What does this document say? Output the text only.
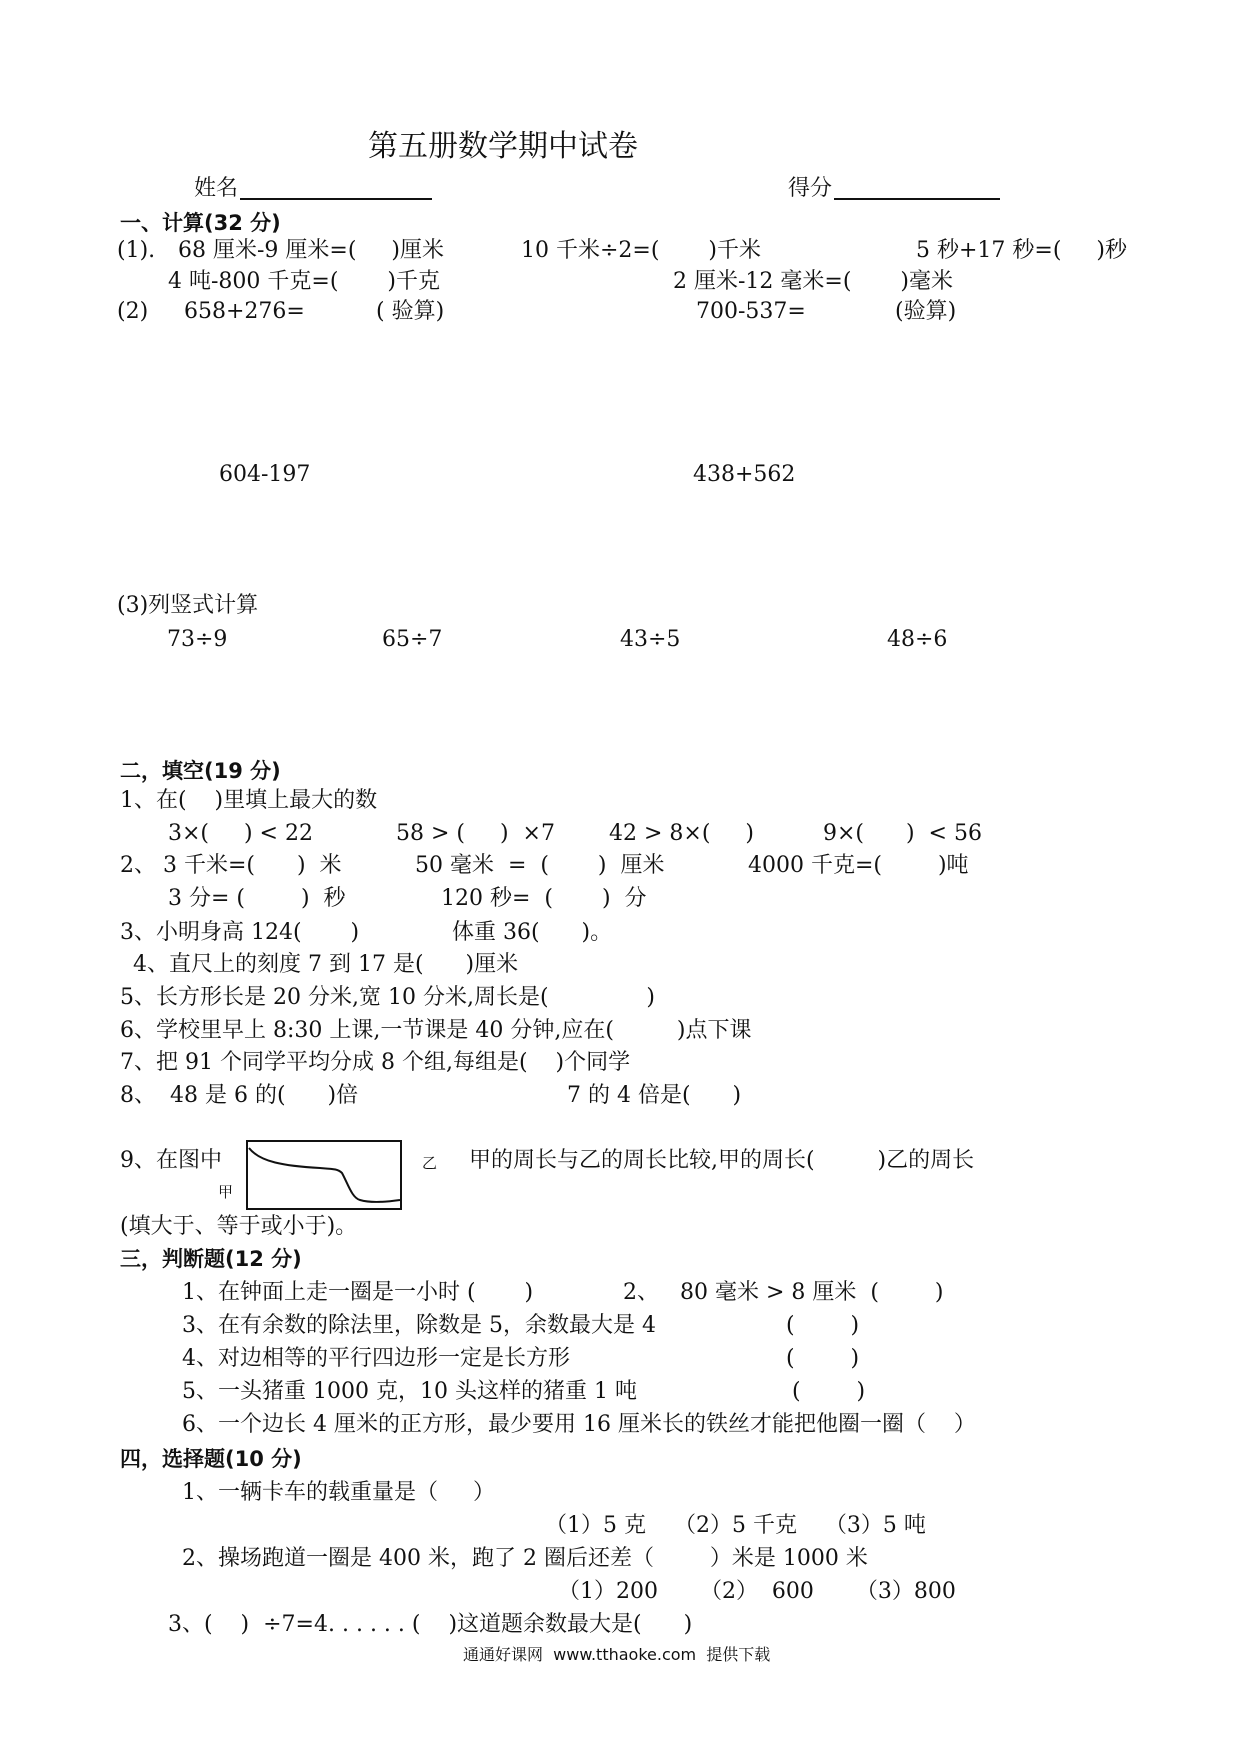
第五册数学期中试卷
姓名	得分
一、计算(32 分)
(1). 68 厘米-9 厘米=(     )厘米	10 千米÷2=(       )千米	5 秒+17 秒=(     )秒
4 吨-800 千克=(       )千克	2 厘米-12 毫米=(       )毫米
(2) 658+276=	( 验算)	700-537=	(验算)
604-197	438+562
(3)列竖式计算
73÷9	65÷7	43÷5	48÷6
二，填空(19 分)
1、在(    )里填上最大的数
3×(     ) < 22	58 > (     )  ×7 42 > 8×(     )	9×(      )  < 56
2、 3 千米=(      )  米	50 毫米  =  (       )  厘米	4000 千克=(        )吨
3 分= (        )  秒	120 秒=  (       )  分
3、小明身高 124(       )	体重 36(      )。
4、直尺上的刻度 7 到 17 是(      )厘米
5、长方形长是 20 分米,宽 10 分米,周长是(              )
6、学校里早上 8:30 上课,一节课是 40 分钟,应在(         )点下课
7、把 91 个同学平均分成 8 个组,每组是(    )个同学
8、  48 是 6 的(      )倍	7 的 4 倍是(      )
9、在图中
甲
乙 甲的周长与乙的周长比较,甲的周长(         )乙的周长
(填大于、等于或小于)。
三，判断题(12 分)
1、在钟面上走一圈是一小时 (       )	2、   80 毫米 > 8 厘米  (        )
3、在有余数的除法里，除数是 5，余数最大是 4	(        )
4、对边相等的平行四边形一定是长方形	(        )
5、一头猪重 1000 克，10 头这样的猪重 1 吨	(        )
6、一个边长 4 厘米的正方形，最少要用 16 厘米长的铁丝才能把他圈一圈（    ）
四，选择题(10 分)
1、一辆卡车的载重量是（     ）
（1）5 克    （2）5 千克    （3）5 吨
2、操场跑道一圈是 400 米，跑了 2 圈后还差（        ）米是 1000 米
（1）200      （2）  600      （3）800
3、(    )  ÷7=4. . . . . . (    )这道题余数最大是(      )
通通好课网  www.tthaoke.com  提供下载
